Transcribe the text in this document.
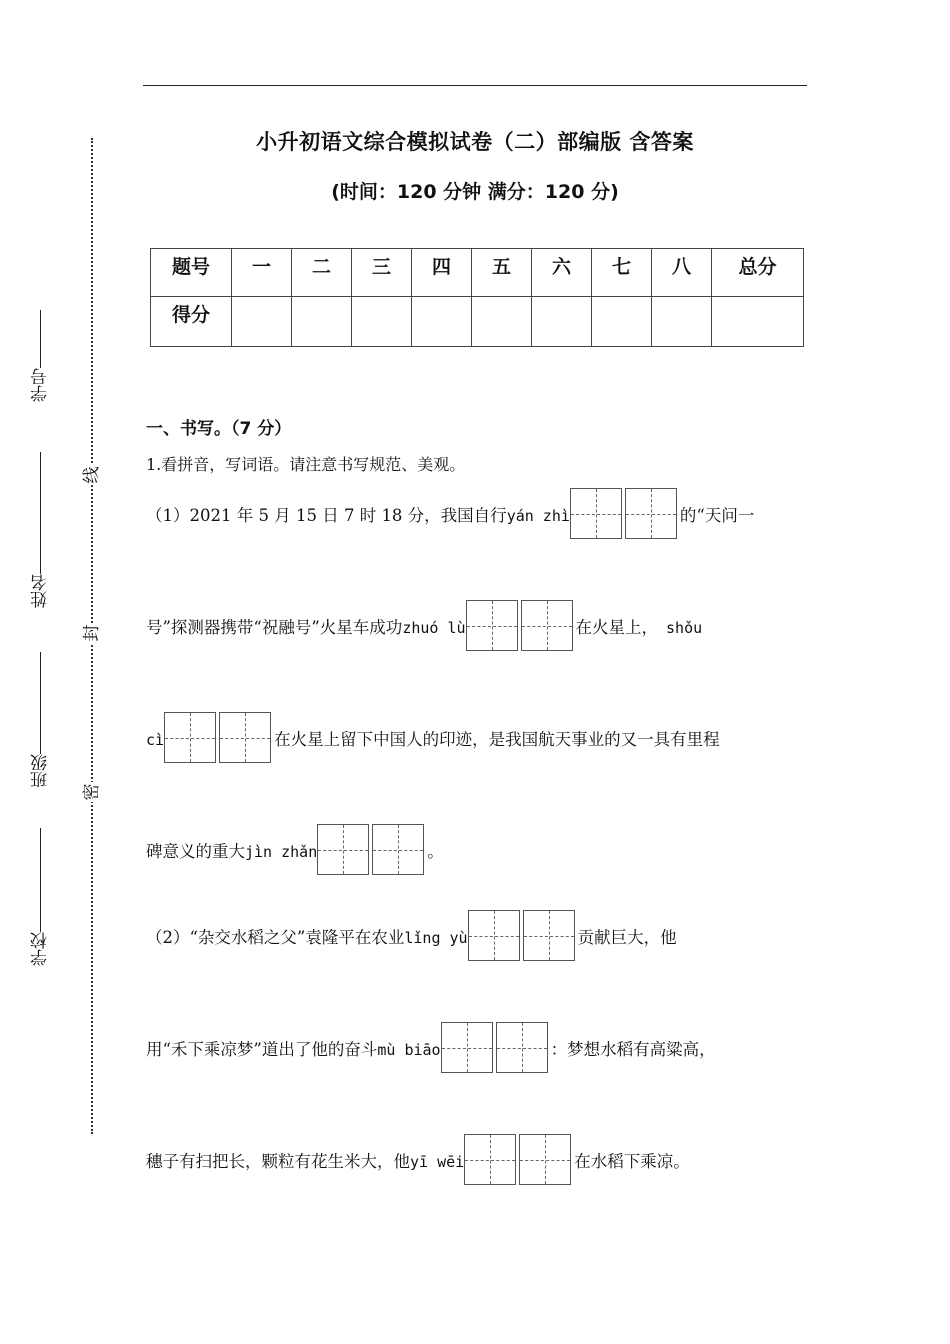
小升初语文综合模拟试卷（二）部编版 含答案
(时间：120 分钟 满分：120 分)
题号	一	二	三	四	五	六	七	八	总分
得分									
学号
姓名
班级
学校
线
封
密
一、书写。（7 分）
1.看拼音，写词语。请注意书写规范、美观。
（1）2021 年 5 月 15 日 7 时 18 分，我国自行 yán zhì	的“天问一
号”探测器携带“祝融号”火星车成功 zhuó lù	在火星上， shǒu
cì	在火星上留下中国人的印迹，是我国航天事业的又一具有里程
碑意义的重大 jìn zhǎn	。
（2）“杂交水稻之父”袁隆平在农业 lǐng yù	贡献巨大，他
用“禾下乘凉梦”道出了他的奋斗 mù biāo	：梦想水稻有高粱高，
穗子有扫把长，颗粒有花生米大，他 yī wēi	在水稻下乘凉。
